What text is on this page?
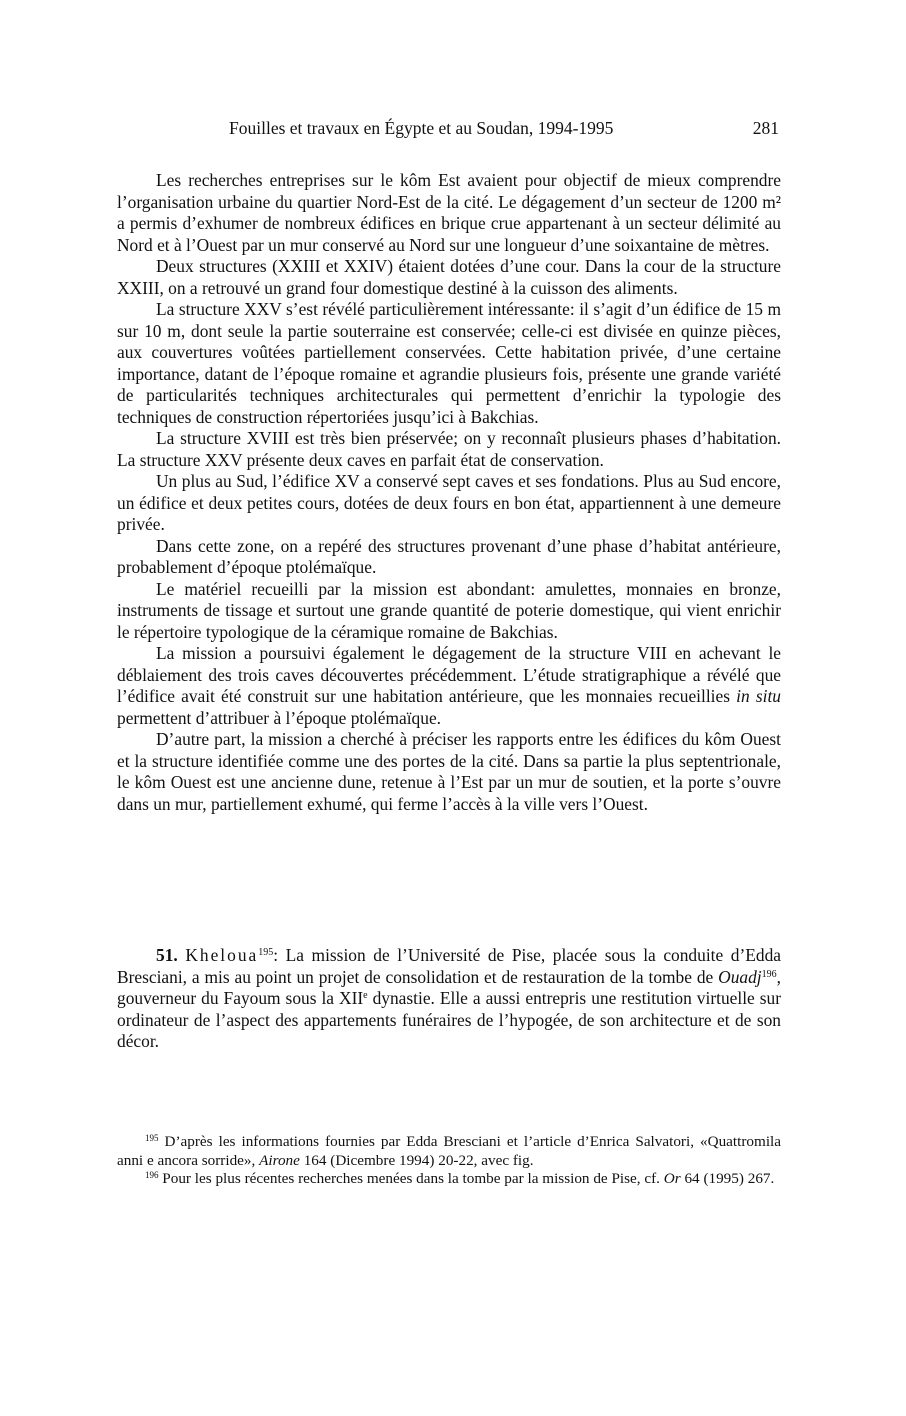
Fouilles et travaux en Égypte et au Soudan, 1994-1995	281

Les recherches entreprises sur le kôm Est avaient pour objectif de mieux comprendre l’organisation urbaine du quartier Nord-Est de la cité. Le dégagement d’un secteur de 1200 m² a permis d’exhumer de nombreux édifices en brique crue appartenant à un secteur délimité au Nord et à l’Ouest par un mur conservé au Nord sur une longueur d’une soixantaine de mètres.

Deux structures (XXIII et XXIV) étaient dotées d’une cour. Dans la cour de la structure XXIII, on a retrouvé un grand four domestique destiné à la cuisson des aliments.

La structure XXV s’est révélé particulièrement intéressante: il s’agit d’un édifice de 15 m sur 10 m, dont seule la partie souterraine est conservée; celle-ci est divisée en quinze pièces, aux couvertures voûtées partiellement conservées. Cette habitation privée, d’une certaine importance, datant de l’époque romaine et agrandie plusieurs fois, présente une grande variété de particularités techniques architecturales qui permettent d’enrichir la typologie des techniques de construction répertoriées jusqu’ici à Bakchias.

La structure XVIII est très bien préservée; on y reconnaît plusieurs phases d’habitation. La structure XXV présente deux caves en parfait état de conservation.

Un plus au Sud, l’édifice XV a conservé sept caves et ses fondations. Plus au Sud encore, un édifice et deux petites cours, dotées de deux fours en bon état, appartiennent à une demeure privée.

Dans cette zone, on a repéré des structures provenant d’une phase d’habitat antérieure, probablement d’époque ptolémaïque.

Le matériel recueilli par la mission est abondant: amulettes, monnaies en bronze, instruments de tissage et surtout une grande quantité de poterie domestique, qui vient enrichir le répertoire typologique de la céramique romaine de Bakchias.

La mission a poursuivi également le dégagement de la structure VIII en achevant le déblaiement des trois caves découvertes précédemment. L’étude stratigraphique a révélé que l’édifice avait été construit sur une habitation antérieure, que les monnaies recueillies in situ permettent d’attribuer à l’époque ptolémaïque.

D’autre part, la mission a cherché à préciser les rapports entre les édifices du kôm Ouest et la structure identifiée comme une des portes de la cité. Dans sa partie la plus septentrionale, le kôm Ouest est une ancienne dune, retenue à l’Est par un mur de soutien, et la porte s’ouvre dans un mur, partiellement exhumé, qui ferme l’accès à la ville vers l’Ouest.

51. Kheloua$^{195}$: La mission de l’Université de Pise, placée sous la conduite d’Edda Bresciani, a mis au point un projet de consolidation et de restauration de la tombe de Ouadj$^{196}$, gouverneur du Fayoum sous la XIIe dynastie. Elle a aussi entrepris une restitution virtuelle sur ordinateur de l’aspect des appartements funéraires de l’hypogée, de son architecture et de son décor.

$^{195}$ D’après les informations fournies par Edda Bresciani et l’article d’Enrica Salvatori, «Quattromila anni e ancora sorride», Airone 164 (Dicembre 1994) 20-22, avec fig.

$^{196}$ Pour les plus récentes recherches menées dans la tombe par la mission de Pise, cf. Or 64 (1995) 267.
